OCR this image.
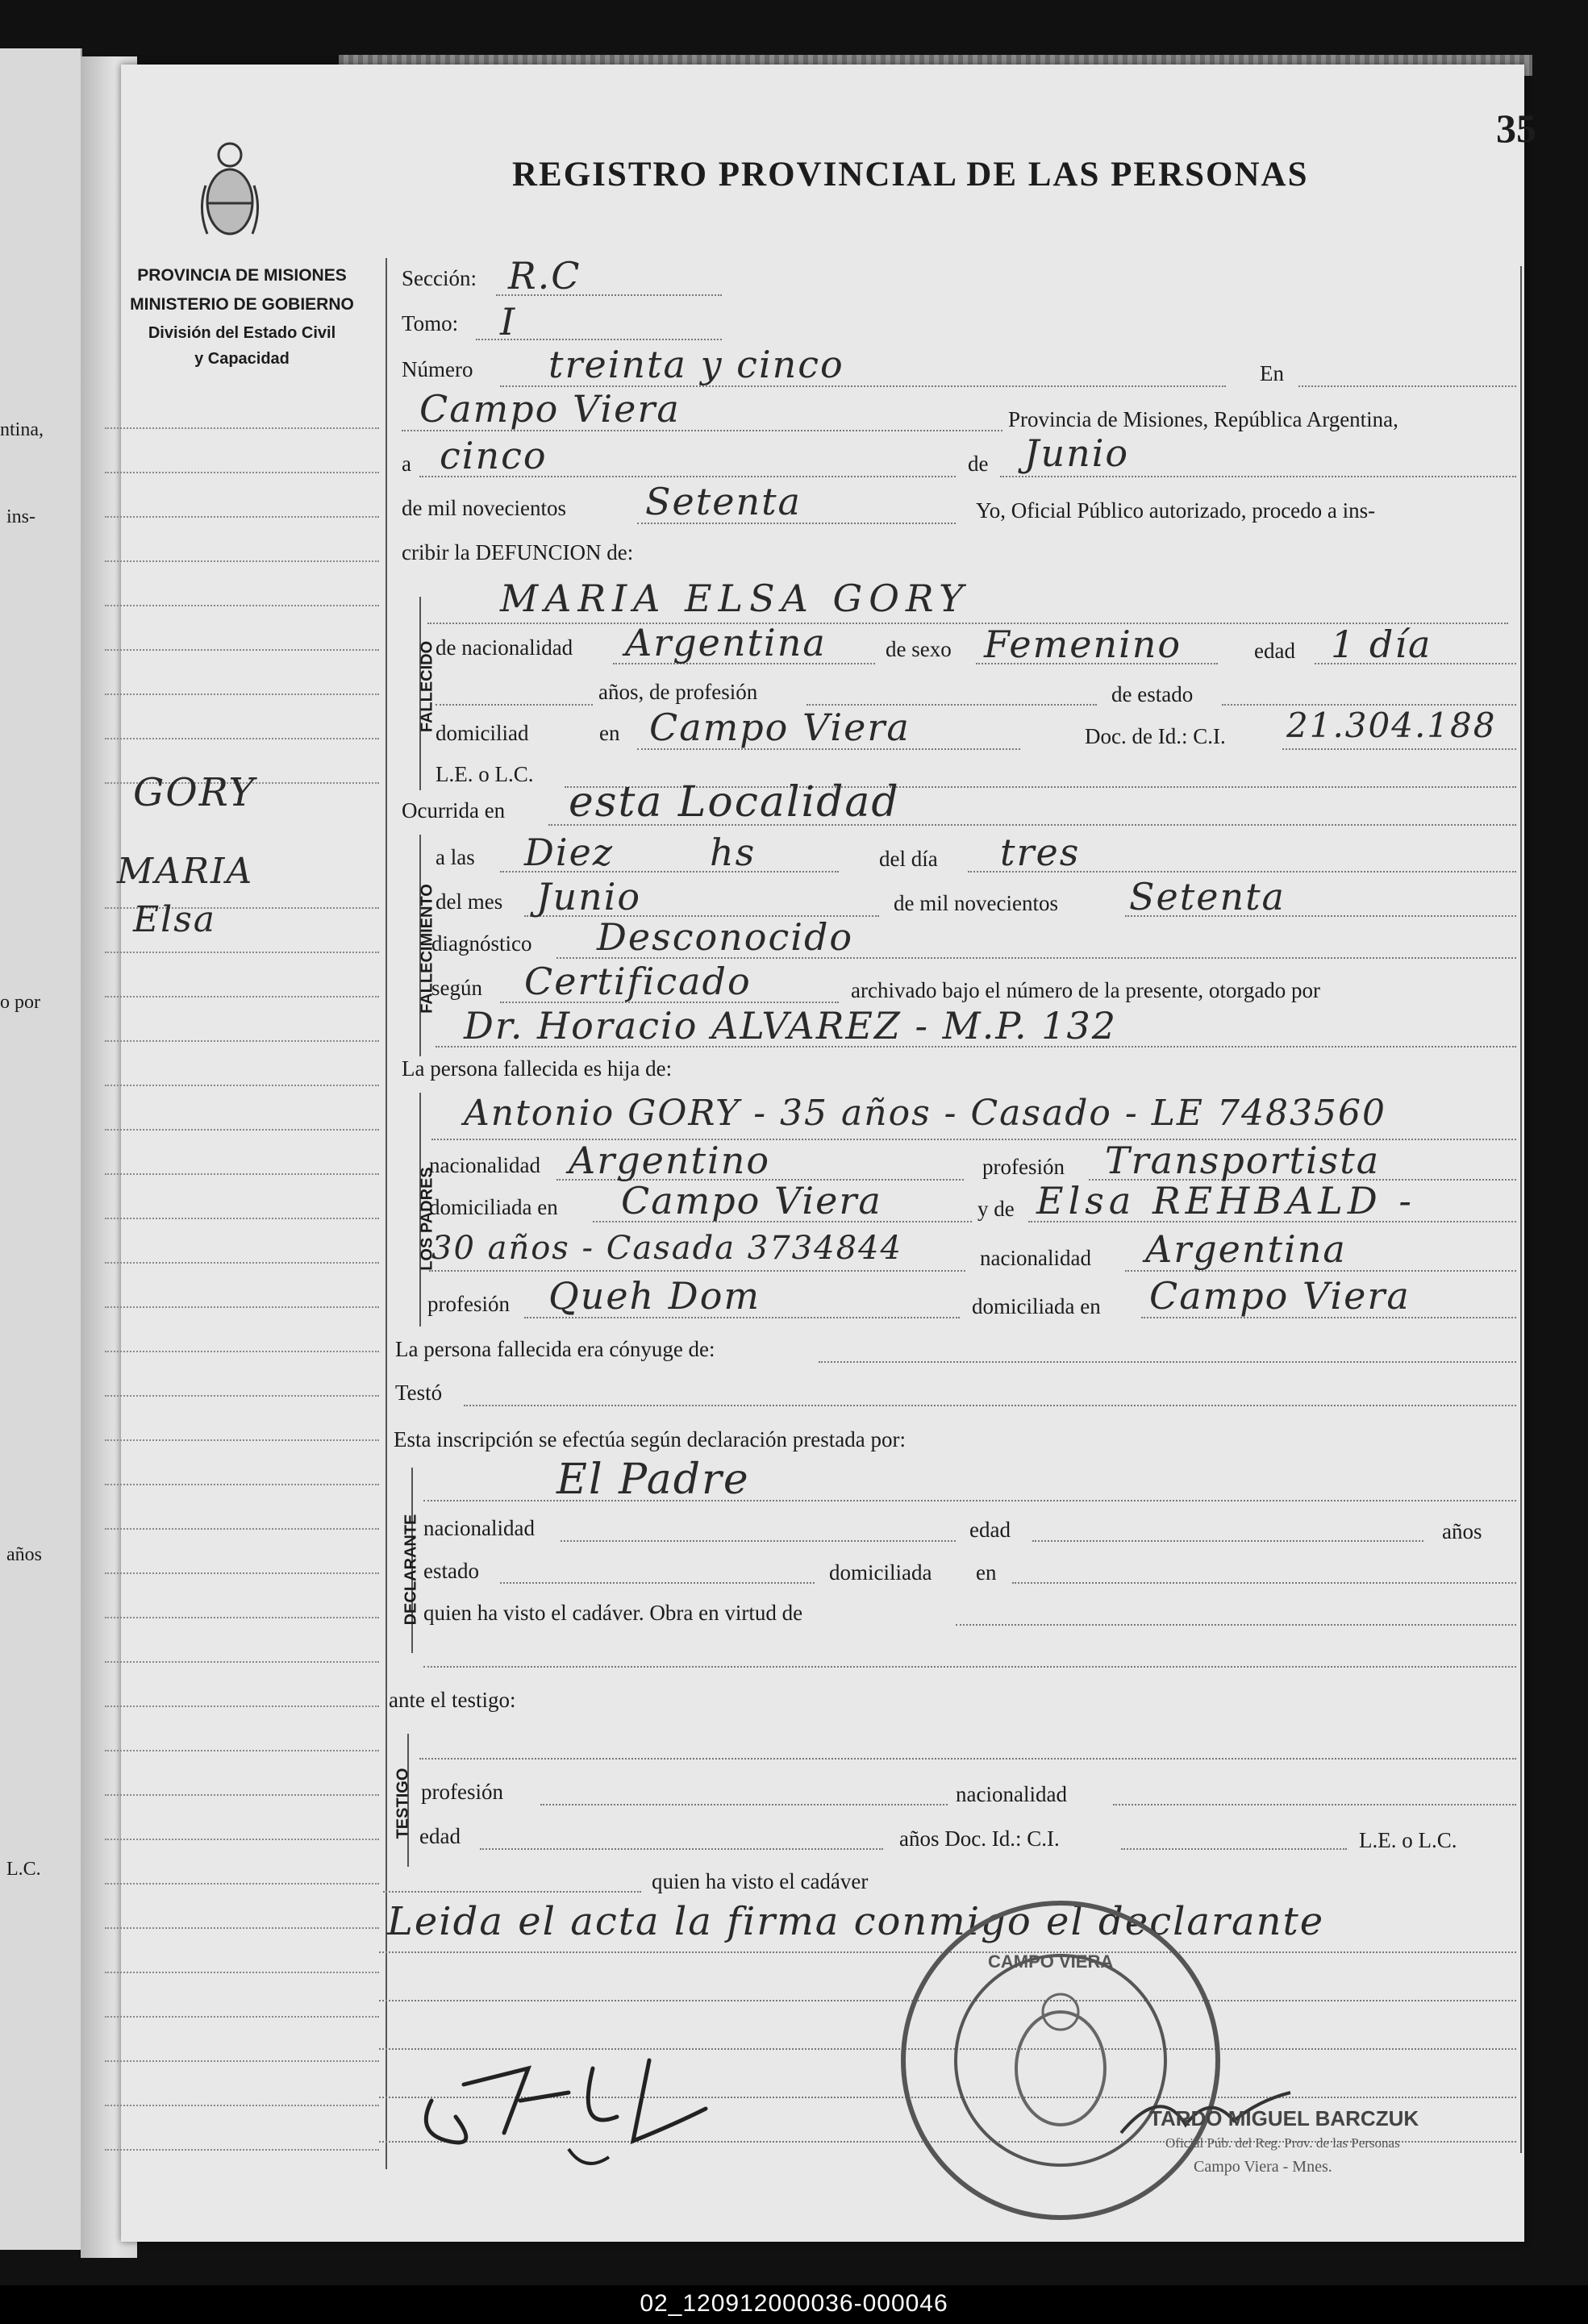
ntina,
ins-
o por
años
L.C.
35
REGISTRO PROVINCIAL DE LAS PERSONAS
PROVINCIA DE MISIONES
MINISTERIO DE GOBIERNO
División del Estado Civil
y Capacidad
GORY
MARIA
Elsa
Sección: R.C
Tomo: I
Número treinta y cinco	En
Campo Viera	Provincia de Misiones, República Argentina,
a cinco	de Junio
de mil novecientos Setenta	Yo, Oficial Público autorizado, procedo a ins-
cribir la DEFUNCION de:
FALLECIDO
MARIA ELSA GORY
de nacionalidad Argentina	de sexo Femenino	edad 1 día
años, de profesión	de estado
domiciliad	en Campo Viera	Doc. de Id.: C.I. 21.304.188
L.E. o L.C.
Ocurrida en esta Localidad
FALLECIMIENTO
a las Diez	hs	del día tres
del mes Junio	de mil novecientos Setenta
diagnóstico Desconocido
según Certificado	archivado bajo el número de la presente, otorgado por
Dr. Horacio ALVAREZ - M.P. 132
La persona fallecida es hija de:
LOS PADRES
Antonio GORY - 35 años - Casado - LE 7483560
nacionalidad Argentino	profesión Transportista
domiciliada en Campo Viera	y de Elsa REHBALD -
30 años - Casada 3734844	nacionalidad Argentina
profesión Queh Dom	domiciliada en Campo Viera
La persona fallecida era cónyuge de:
Testó
Esta inscripción se efectúa según declaración prestada por:
DECLARANTE
El Padre
nacionalidad	edad	años
estado	domiciliada en
quien ha visto el cadáver. Obra en virtud de
ante el testigo:
TESTIGO profesión	nacionalidad
edad	años Doc. Id.: C.I.	L.E. o L.C.
quien ha visto el cadáver
Leida el acta la firma conmigo el declarante
CAMPO VIERA
TARDO MIGUEL BARCZUK
Oficial Púb. del Reg. Prov. de las Personas
Campo Viera - Mnes.
02_120912000036-000046
